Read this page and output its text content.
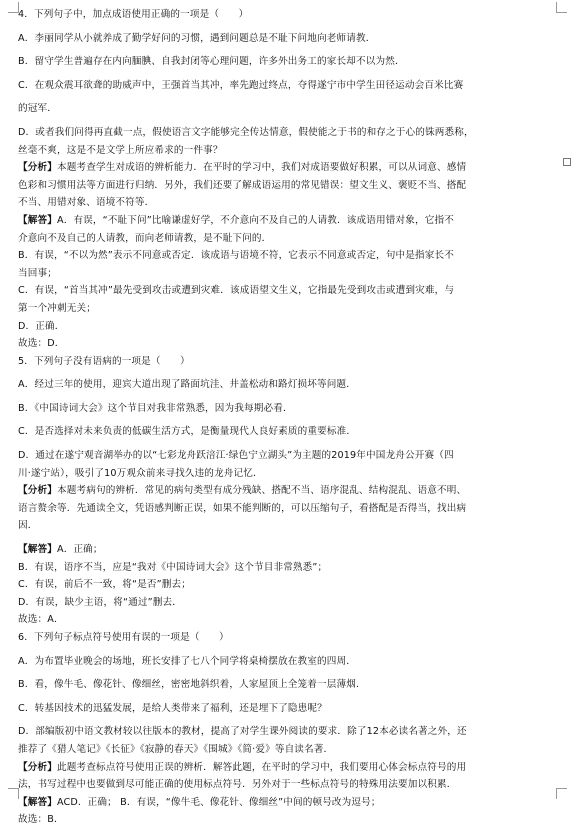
4．下列句子中，加点成语使用正确的一项是（　　）
A．李丽同学从小就养成了勤学好问的习惯，遇到问题总是不耻下问地向老师请教．
B．留守学生普遍存在内向腼腆、自我封闭等心理问题，许多外出务工的家长却不以为然．
C．在观众震耳欲聋的助威声中，王强首当其冲，率先跑过终点，夺得遂宁市中学生田径运动会百米比赛
的冠军．
D．或者我们问得再直截一点，假使语言文字能够完全传达情意，假使能之于书的和存之于心的铢两悉称，
丝毫不爽，这是不是文学上所应希求的一件事？
【分析】本题考查学生对成语的辨析能力．在平时的学习中，我们对成语要做好积累，可以从词意、感情
色彩和习惯用法等方面进行归纳．另外，我们还要了解成语运用的常见错误：望文生义、褒贬不当、搭配
不当、用错对象、语境不符等．
【解答】A．有误，“不耻下问”比喻谦虚好学，不介意向不及自己的人请教．该成语用错对象，它指不
介意向不及自己的人请教，而向老师请教，是不耻下问的．
B．有误，“不以为然”表示不同意或否定．该成语与语境不符，它表示不同意或否定，句中是指家长不
当回事；
C．有误，“首当其冲”最先受到攻击或遭到灾难．该成语望文生义，它指最先受到攻击或遭到灾难，与
第一个冲刺无关；
D．正确．
故选：D．
5．下列句子没有语病的一项是（　　）
A．经过三年的使用，迎宾大道出现了路面坑洼、井盖松动和路灯损坏等问题．
B．《中国诗词大会》这个节目对我非常熟悉，因为我每期必看．
C．是否选择对未来负责的低碳生活方式，是衡量现代人良好素质的重要标准．
D．通过在遂宁观音湖举办的以“七彩龙舟跃涪江·绿色宁立湖头”为主题的2019年中国龙舟公开赛（四
川·遂宁站），吸引了10万观众前来寻找久违的龙舟记忆．
【分析】本题考病句的辨析．常见的病句类型有成分残缺、搭配不当、语序混乱、结构混乱、语意不明、
语言赘余等．先通读全文，凭语感判断正误，如果不能判断的，可以压缩句子，看搭配是否得当，找出病
因．
【解答】A．正确；
B．有误，语序不当，应是“我对《中国诗词大会》这个节目非常熟悉”；
C．有误，前后不一致，将“是否”删去；
D．有误，缺少主语，将“通过”删去．
故选：A．
6．下列句子标点符号使用有误的一项是（　　）
A．为布置毕业晚会的场地，班长安排了七八个同学将桌椅摆放在教室的四周．
B．看，像牛毛、像花针、像细丝，密密地斜织着，人家屋顶上全笼着一层薄烟．
C．转基因技术的迅猛发展，是给人类带来了福利，还是埋下了隐患呢？
D．部编版初中语文教材较以往版本的教材，提高了对学生课外阅读的要求．除了12本必读名著之外，还
推荐了《猎人笔记》《长征》《寂静的春天》《围城》《简·爱》等自读名著．
【分析】此题考查标点符号使用正误的辨析．解答此题，在平时的学习中，我们要用心体会标点符号的用
法，书写过程中也要做到尽可能正确的使用标点符号．另外对于一些标点符号的特殊用法要加以积累．
【解答】ACD．正确； B．有误，“像牛毛、像花针、像细丝”中间的顿号改为逗号；
故选：B．
